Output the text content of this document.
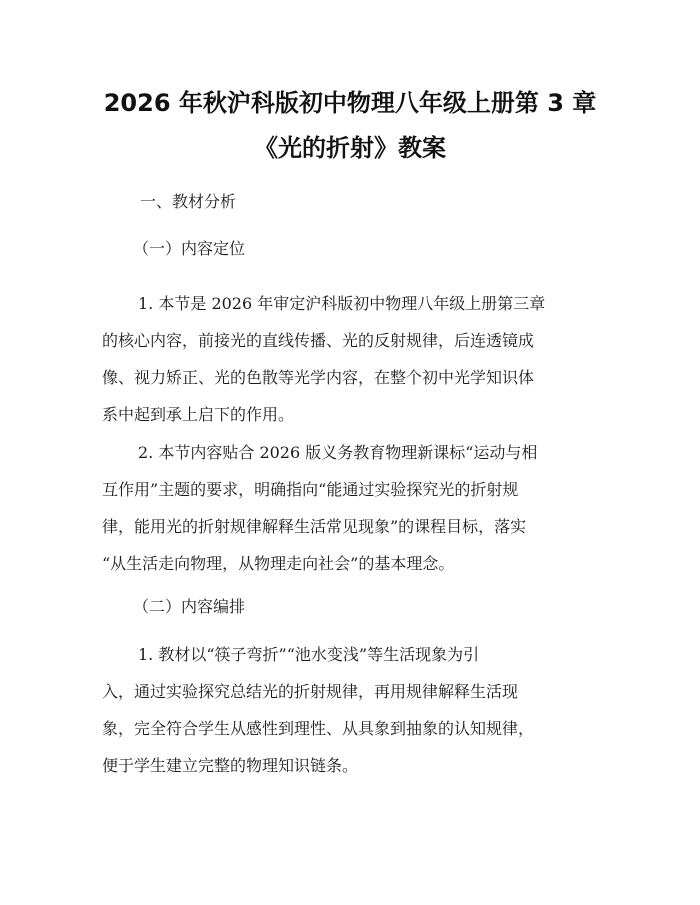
2026 年秋沪科版初中物理八年级上册第 3 章
《光的折射》教案

一、教材分析

（一）内容定位

1. 本节是 2026 年审定沪科版初中物理八年级上册第三章
的核心内容，前接光的直线传播、光的反射规律，后连透镜成
像、视力矫正、光的色散等光学内容，在整个初中光学知识体
系中起到承上启下的作用。

2. 本节内容贴合 2026 版义务教育物理新课标“运动与相
互作用”主题的要求，明确指向“能通过实验探究光的折射规
律，能用光的折射规律解释生活常见现象”的课程目标，落实
“从生活走向物理，从物理走向社会”的基本理念。

（二）内容编排

1. 教材以“筷子弯折”“池水变浅”等生活现象为引
入，通过实验探究总结光的折射规律，再用规律解释生活现
象，完全符合学生从感性到理性、从具象到抽象的认知规律，
便于学生建立完整的物理知识链条。
